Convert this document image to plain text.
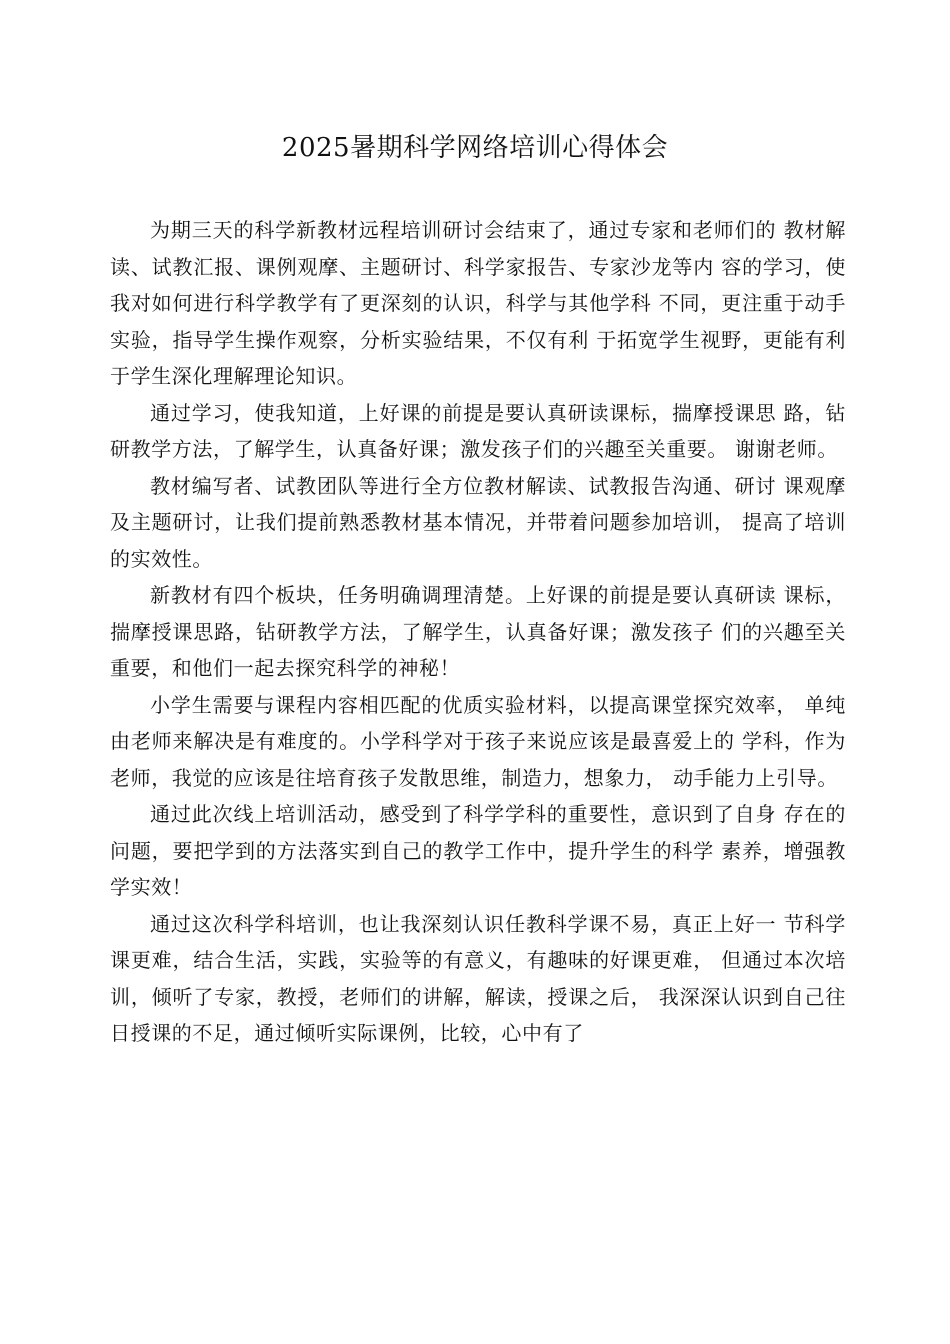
2025暑期科学网络培训心得体会

为期三天的科学新教材远程培训研讨会结束了，通过专家和老师们的 教材解读、试教汇报、课例观摩、主题研讨、科学家报告、专家沙龙等内 容的学习，使我对如何进行科学教学有了更深刻的认识，科学与其他学科 不同，更注重于动手实验，指导学生操作观察，分析实验结果，不仅有利 于拓宽学生视野，更能有利于学生深化理解理论知识。

通过学习，使我知道，上好课的前提是要认真研读课标，揣摩授课思 路，钻研教学方法，了解学生，认真备好课；激发孩子们的兴趣至关重要。 谢谢老师。

教材编写者、试教团队等进行全方位教材解读、试教报告沟通、研讨 课观摩及主题研讨，让我们提前熟悉教材基本情况，并带着问题参加培训， 提高了培训的实效性。

新教材有四个板块，任务明确调理清楚。上好课的前提是要认真研读 课标，揣摩授课思路，钻研教学方法，了解学生，认真备好课；激发孩子 们的兴趣至关重要，和他们一起去探究科学的神秘！

小学生需要与课程内容相匹配的优质实验材料，以提高课堂探究效率， 单纯由老师来解决是有难度的。小学科学对于孩子来说应该是最喜爱上的 学科，作为老师，我觉的应该是往培育孩子发散思维，制造力，想象力， 动手能力上引导。

通过此次线上培训活动，感受到了科学学科的重要性，意识到了自身 存在的问题，要把学到的方法落实到自己的教学工作中，提升学生的科学 素养，增强教学实效！

通过这次科学科培训，也让我深刻认识任教科学课不易，真正上好一 节科学课更难，结合生活，实践，实验等的有意义，有趣味的好课更难， 但通过本次培训，倾听了专家，教授，老师们的讲解，解读，授课之后， 我深深认识到自己往日授课的不足，通过倾听实际课例，比较，心中有了
